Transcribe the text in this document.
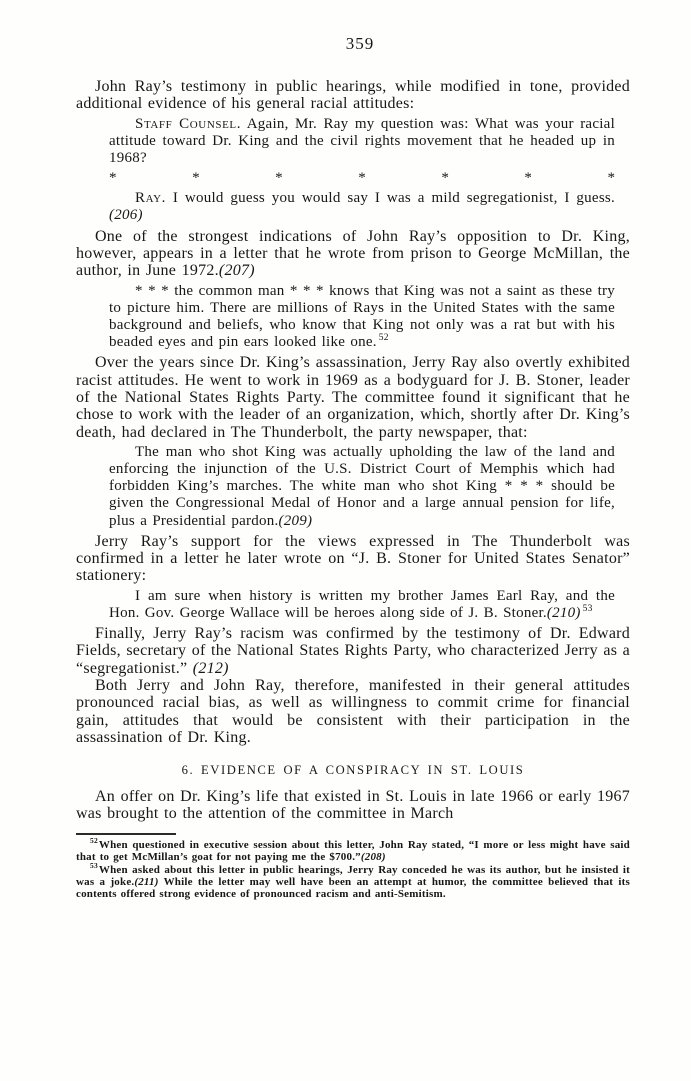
359

John Ray’s testimony in public hearings, while modified in tone, provided additional evidence of his general racial attitudes:

Staff Counsel. Again, Mr. Ray my question was: What was your racial attitude toward Dr. King and the civil rights movement that he headed up in 1968?

*	*	*	*	*	*	*

Ray. I would guess you would say I was a mild segregationist, I guess.(206)

One of the strongest indications of John Ray’s opposition to Dr. King, however, appears in a letter that he wrote from prison to George McMillan, the author, in June 1972.(207)

* * * the common man * * * knows that King was not a saint as these try to picture him. There are millions of Rays in the United States with the same background and beliefs, who know that King not only was a rat but with his beaded eyes and pin ears looked like one. $^{52}$

Over the years since Dr. King’s assassination, Jerry Ray also overtly exhibited racist attitudes. He went to work in 1969 as a bodyguard for J. B. Stoner, leader of the National States Rights Party. The committee found it significant that he chose to work with the leader of an organization, which, shortly after Dr. King’s death, had declared in The Thunderbolt, the party newspaper, that:

The man who shot King was actually upholding the law of the land and enforcing the injunction of the U.S. District Court of Memphis which had forbidden King’s marches. The white man who shot King * * * should be given the Congressional Medal of Honor and a large annual pension for life, plus a Presidential pardon.(209)

Jerry Ray’s support for the views expressed in The Thunderbolt was confirmed in a letter he later wrote on “J. B. Stoner for United States Senator” stationery:

I am sure when history is written my brother James Earl Ray, and the Hon. Gov. George Wallace will be heroes along side of J. B. Stoner.(210) $^{53}$

Finally, Jerry Ray’s racism was confirmed by the testimony of Dr. Edward Fields, secretary of the National States Rights Party, who characterized Jerry as a “segregationist.” (212)

Both Jerry and John Ray, therefore, manifested in their general attitudes pronounced racial bias, as well as willingness to commit crime for financial gain, attitudes that would be consistent with their participation in the assassination of Dr. King.

6. EVIDENCE OF A CONSPIRACY IN ST. LOUIS

An offer on Dr. King’s life that existed in St. Louis in late 1966 or early 1967 was brought to the attention of the committee in March

$^{52}$When questioned in executive session about this letter, John Ray stated, “I more or less might have said that to get McMillan’s goat for not paying me the $700.”(208)

$^{53}$When asked about this letter in public hearings, Jerry Ray conceded he was its author, but he insisted it was a joke.(211) While the letter may well have been an attempt at humor, the committee believed that its contents offered strong evidence of pronounced racism and anti-Semitism.
